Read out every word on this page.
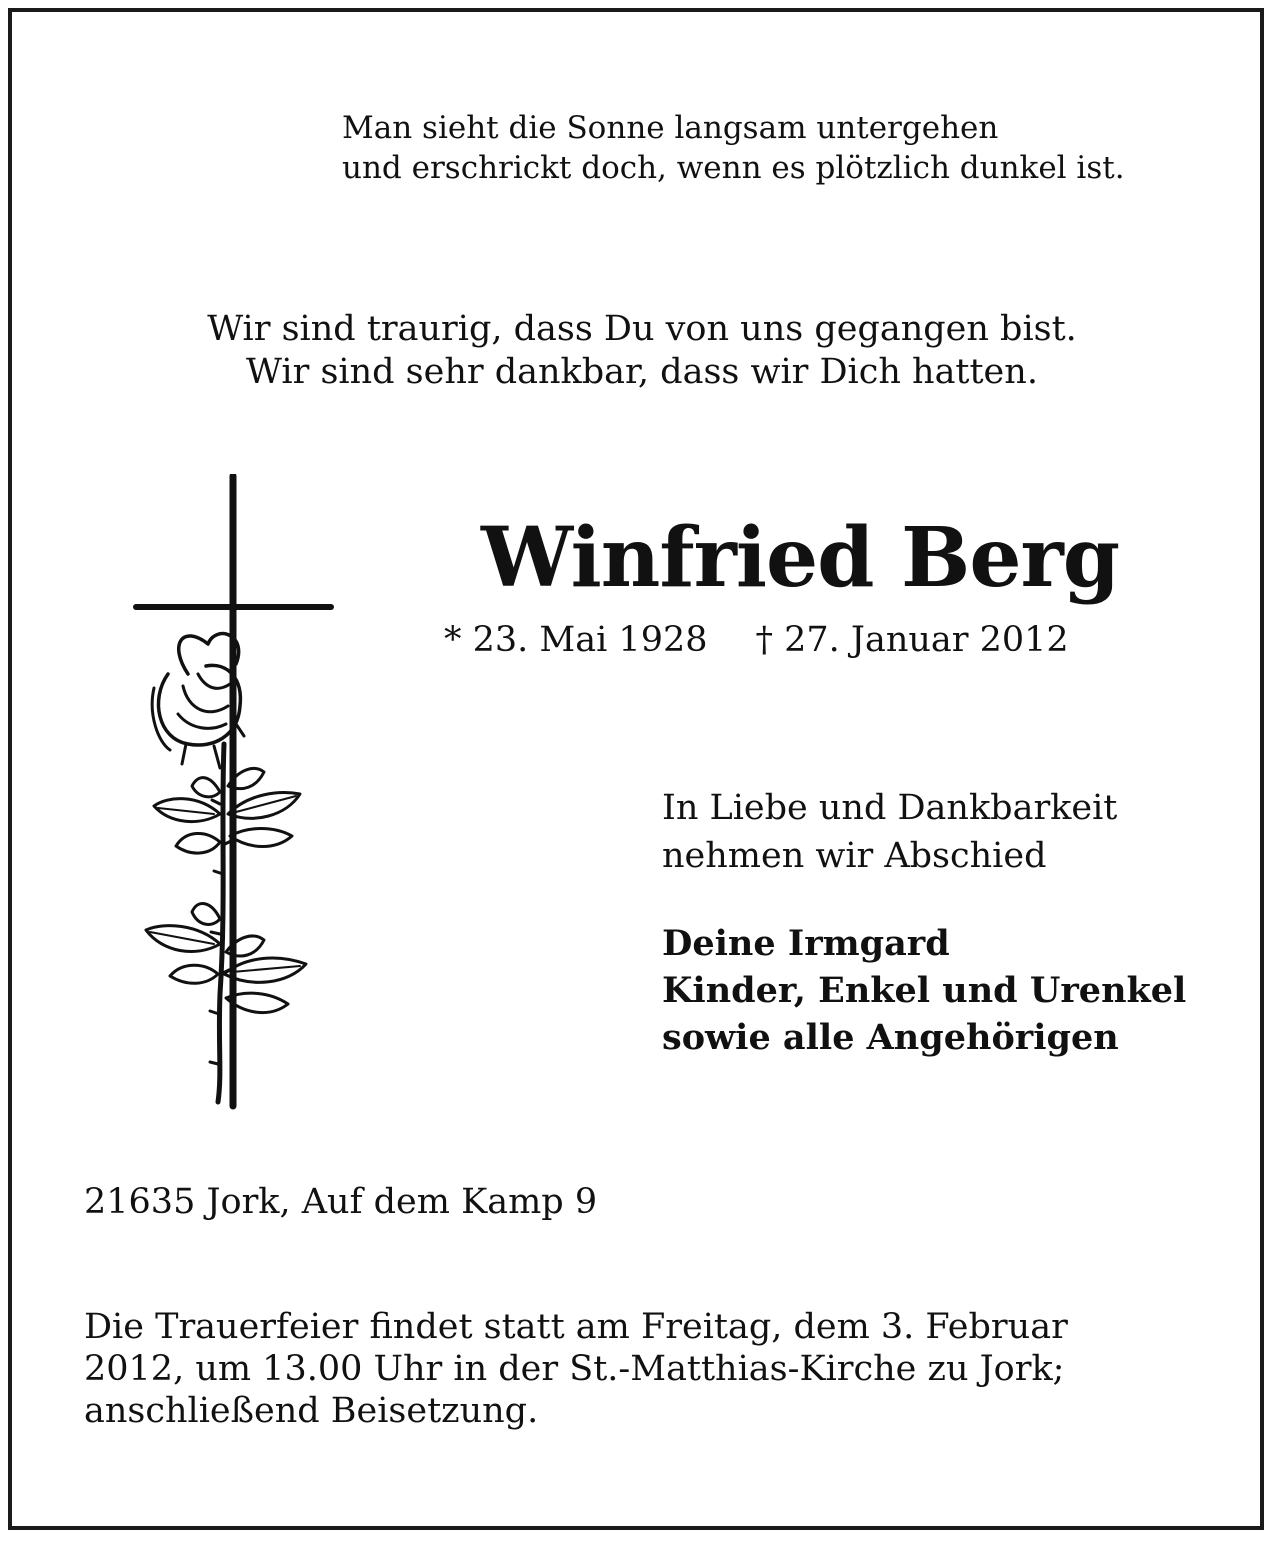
Man sieht die Sonne langsam untergehen
und erschrickt doch, wenn es plötzlich dunkel ist.
Wir sind traurig, dass Du von uns gegangen bist.
Wir sind sehr dankbar, dass wir Dich hatten.
Winfried Berg
* 23. Mai 1928 † 27. Januar 2012
In Liebe und Dankbarkeit
nehmen wir Abschied
Deine Irmgard
Kinder, Enkel und Urenkel
sowie alle Angehörigen
21635 Jork, Auf dem Kamp 9
Die Trauerfeier findet statt am Freitag, dem 3. Februar
2012, um 13.00 Uhr in der St.-Matthias-Kirche zu Jork;
anschließend Beisetzung.
